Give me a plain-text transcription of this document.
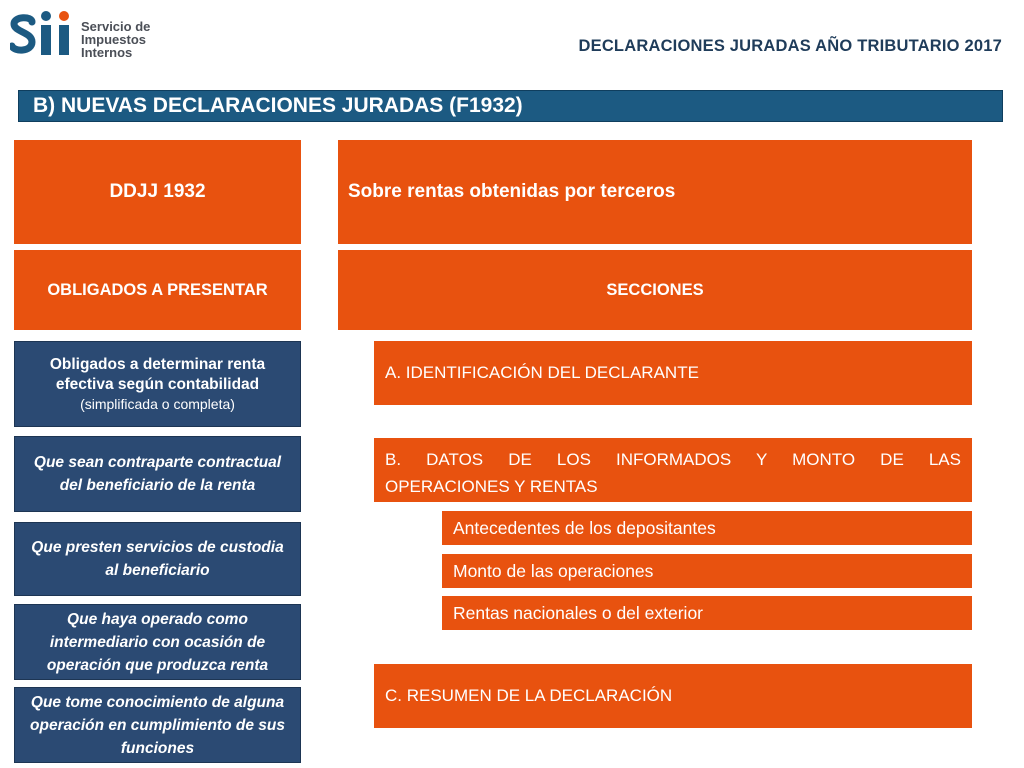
Servicio de
Impuestos
Internos	DECLARACIONES JURADAS AÑO TRIBUTARIO 2017
B) NUEVAS DECLARACIONES JURADAS (F1932)
DDJJ 1932	Sobre rentas obtenidas por terceros
OBLIGADOS A PRESENTAR	SECCIONES
Obligados a determinar renta efectiva según contabilidad
(simplificada o completa)
Que sean contraparte contractual del beneficiario de la renta
Que presten servicios de custodia al beneficiario
Que haya operado como intermediario con ocasión de operación que produzca renta
Que tome conocimiento de alguna operación en cumplimiento de sus funciones
A. IDENTIFICACIÓN DEL DECLARANTE
B. DATOS DE LOS INFORMADOS Y MONTO DE LAS
OPERACIONES Y RENTAS
Antecedentes de los depositantes
Monto de las operaciones
Rentas nacionales o del exterior
C. RESUMEN DE LA DECLARACIÓN
